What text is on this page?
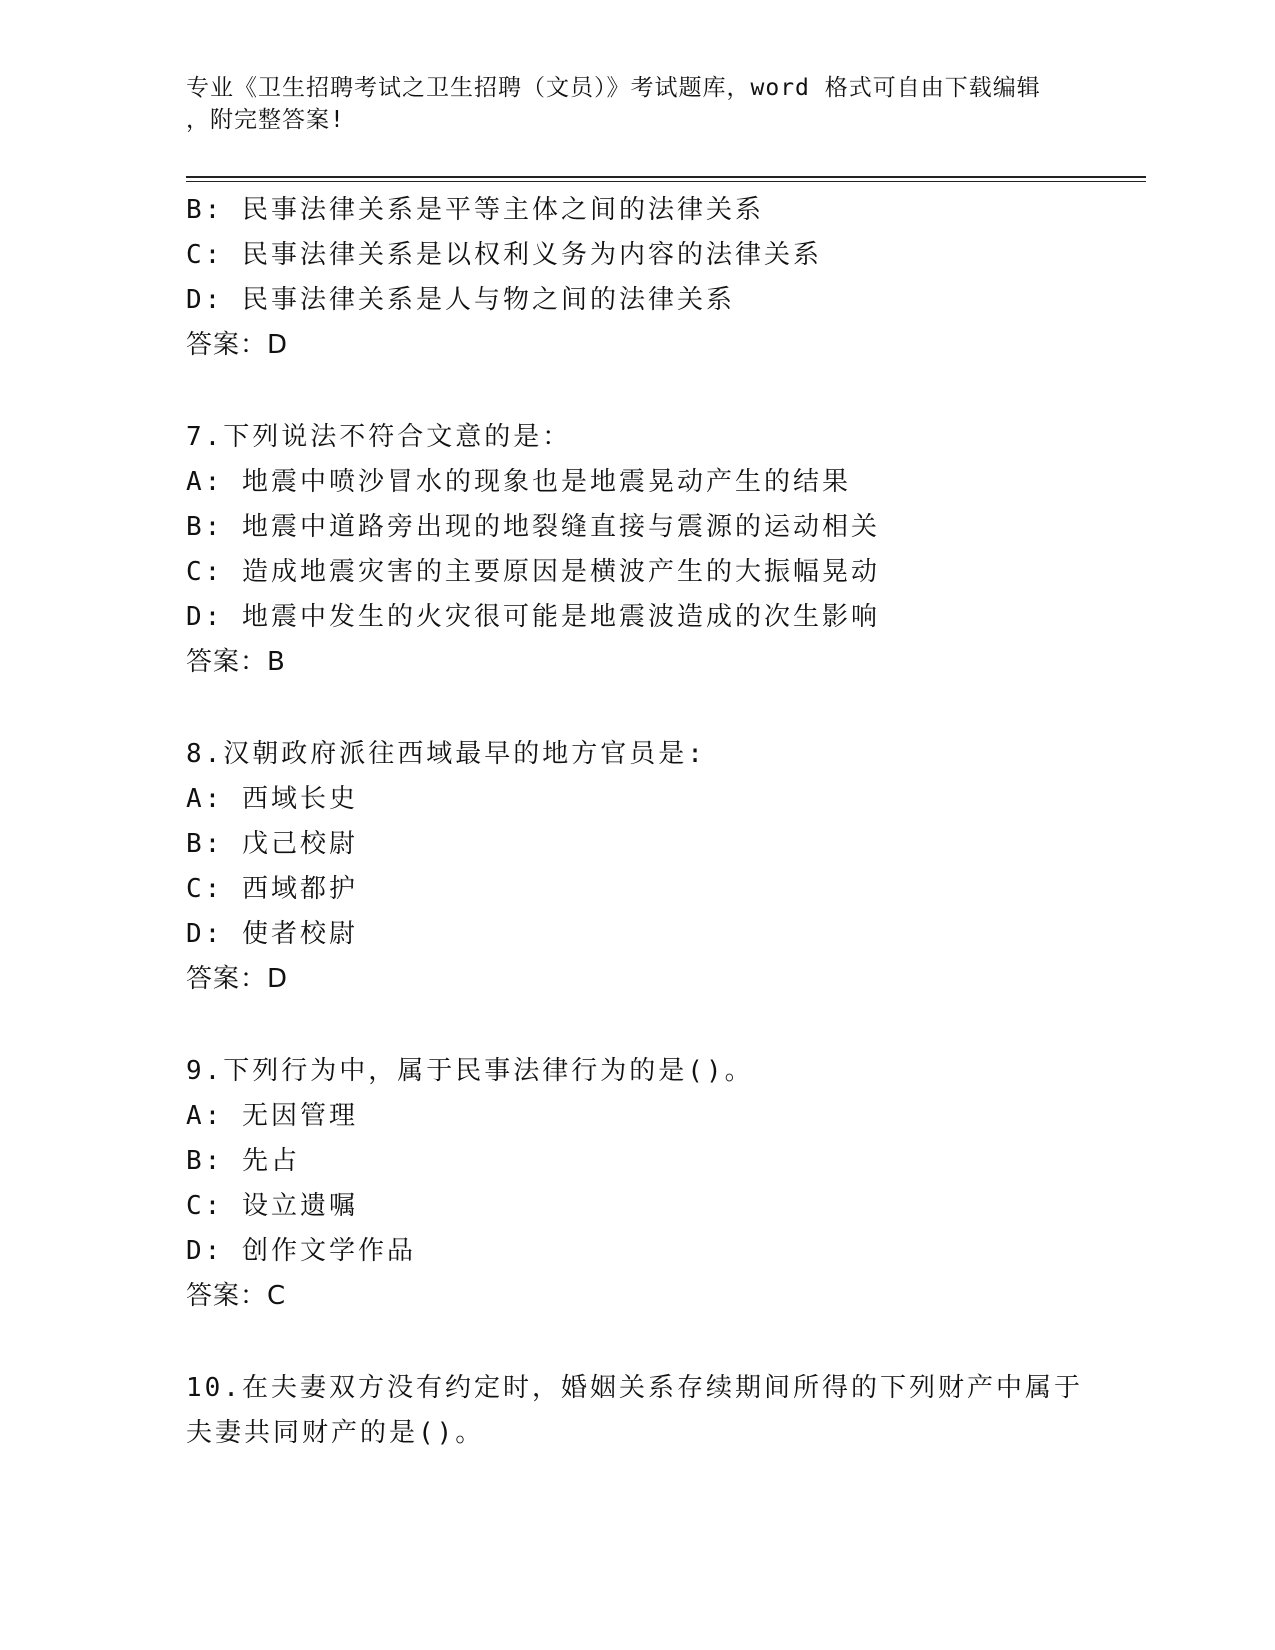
专业《卫生招聘考试之卫生招聘（文员）》考试题库，word 格式可自由下载编辑
，附完整答案!
B: 民事法律关系是平等主体之间的法律关系
C: 民事法律关系是以权利义务为内容的法律关系
D: 民事法律关系是人与物之间的法律关系
答案：D
7.下列说法不符合文意的是：
A: 地震中喷沙冒水的现象也是地震晃动产生的结果
B: 地震中道路旁出现的地裂缝直接与震源的运动相关
C: 造成地震灾害的主要原因是横波产生的大振幅晃动
D: 地震中发生的火灾很可能是地震波造成的次生影响
答案：B
8.汉朝政府派往西域最早的地方官员是:
A: 西域长史
B: 戊己校尉
C: 西域都护
D: 使者校尉
答案：D
9.下列行为中，属于民事法律行为的是()。
A: 无因管理
B: 先占
C: 设立遗嘱
D: 创作文学作品
答案：C
10.在夫妻双方没有约定时，婚姻关系存续期间所得的下列财产中属于
夫妻共同财产的是()。
